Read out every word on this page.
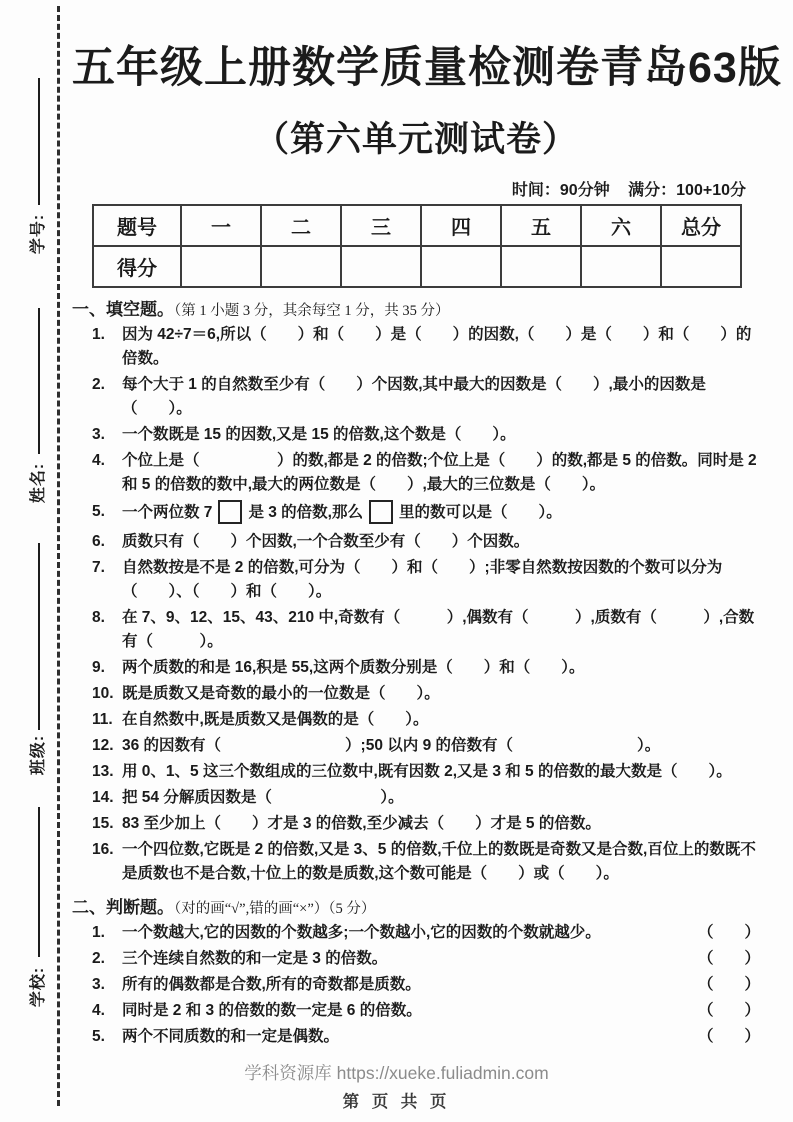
学号:
姓名:
班级:
学校:
五年级上册数学质量检测卷青岛63版
（第六单元测试卷）
时间：90分钟 满分：100+10分
题号	一	二	三	四	五	六	总分
得分							
一、填空题。（第 1 小题 3 分，其余每空 1 分，共 35 分）
1.	因为 42÷7＝6,所以（　　）和（　　）是（　　）的因数,（　　）是（　　）和（　　）的倍数。
2.	每个大于 1 的自然数至少有（　　）个因数,其中最大的因数是（　　）,最小的因数是（　　）。
3.	一个数既是 15 的因数,又是 15 的倍数,这个数是（　　）。
4.	个位上是（　　　　　）的数,都是 2 的倍数;个位上是（　　）的数,都是 5 的倍数。同时是 2 和 5 的倍数的数中,最大的两位数是（　　）,最大的三位数是（　　）。
5.	一个两位数 7 是 3 的倍数,那么 里的数可以是（　　）。
6.	质数只有（　　）个因数,一个合数至少有（　　）个因数。
7.	自然数按是不是 2 的倍数,可分为（　　）和（　　）;非零自然数按因数的个数可以分为（　　）、（　　）和（　　）。
8.	在 7、9、12、15、43、210 中,奇数有（　　　）,偶数有（　　　）,质数有（　　　）,合数有（　　　）。
9.	两个质数的和是 16,积是 55,这两个质数分别是（　　）和（　　）。
10. 既是质数又是奇数的最小的一位数是（　　）。
11. 在自然数中,既是质数又是偶数的是（　　）。
12. 36 的因数有（　　　　　　　　）;50 以内 9 的倍数有（　　　　　　　　）。
13. 用 0、1、5 这三个数组成的三位数中,既有因数 2,又是 3 和 5 的倍数的最大数是（　　）。
14. 把 54 分解质因数是（　　　　　　　）。
15. 83 至少加上（　　）才是 3 的倍数,至少减去（　　）才是 5 的倍数。
16. 一个四位数,它既是 2 的倍数,又是 3、5 的倍数,千位上的数既是奇数又是合数,百位上的数既不是质数也不是合数,十位上的数是质数,这个数可能是（　　）或（　　）。
二、判断题。（对的画“√”,错的画“×”）（5 分）
1.	一个数越大,它的因数的个数越多;一个数越小,它的因数的个数就越少。	（　　）
2.	三个连续自然数的和一定是 3 的倍数。	（　　）
3.	所有的偶数都是合数,所有的奇数都是质数。	（　　）
4.	同时是 2 和 3 的倍数的数一定是 6 的倍数。	（　　）
5.	两个不同质数的和一定是偶数。	（　　）
学科资源库 https://xueke.fuliadmin.com
第 页 共 页
